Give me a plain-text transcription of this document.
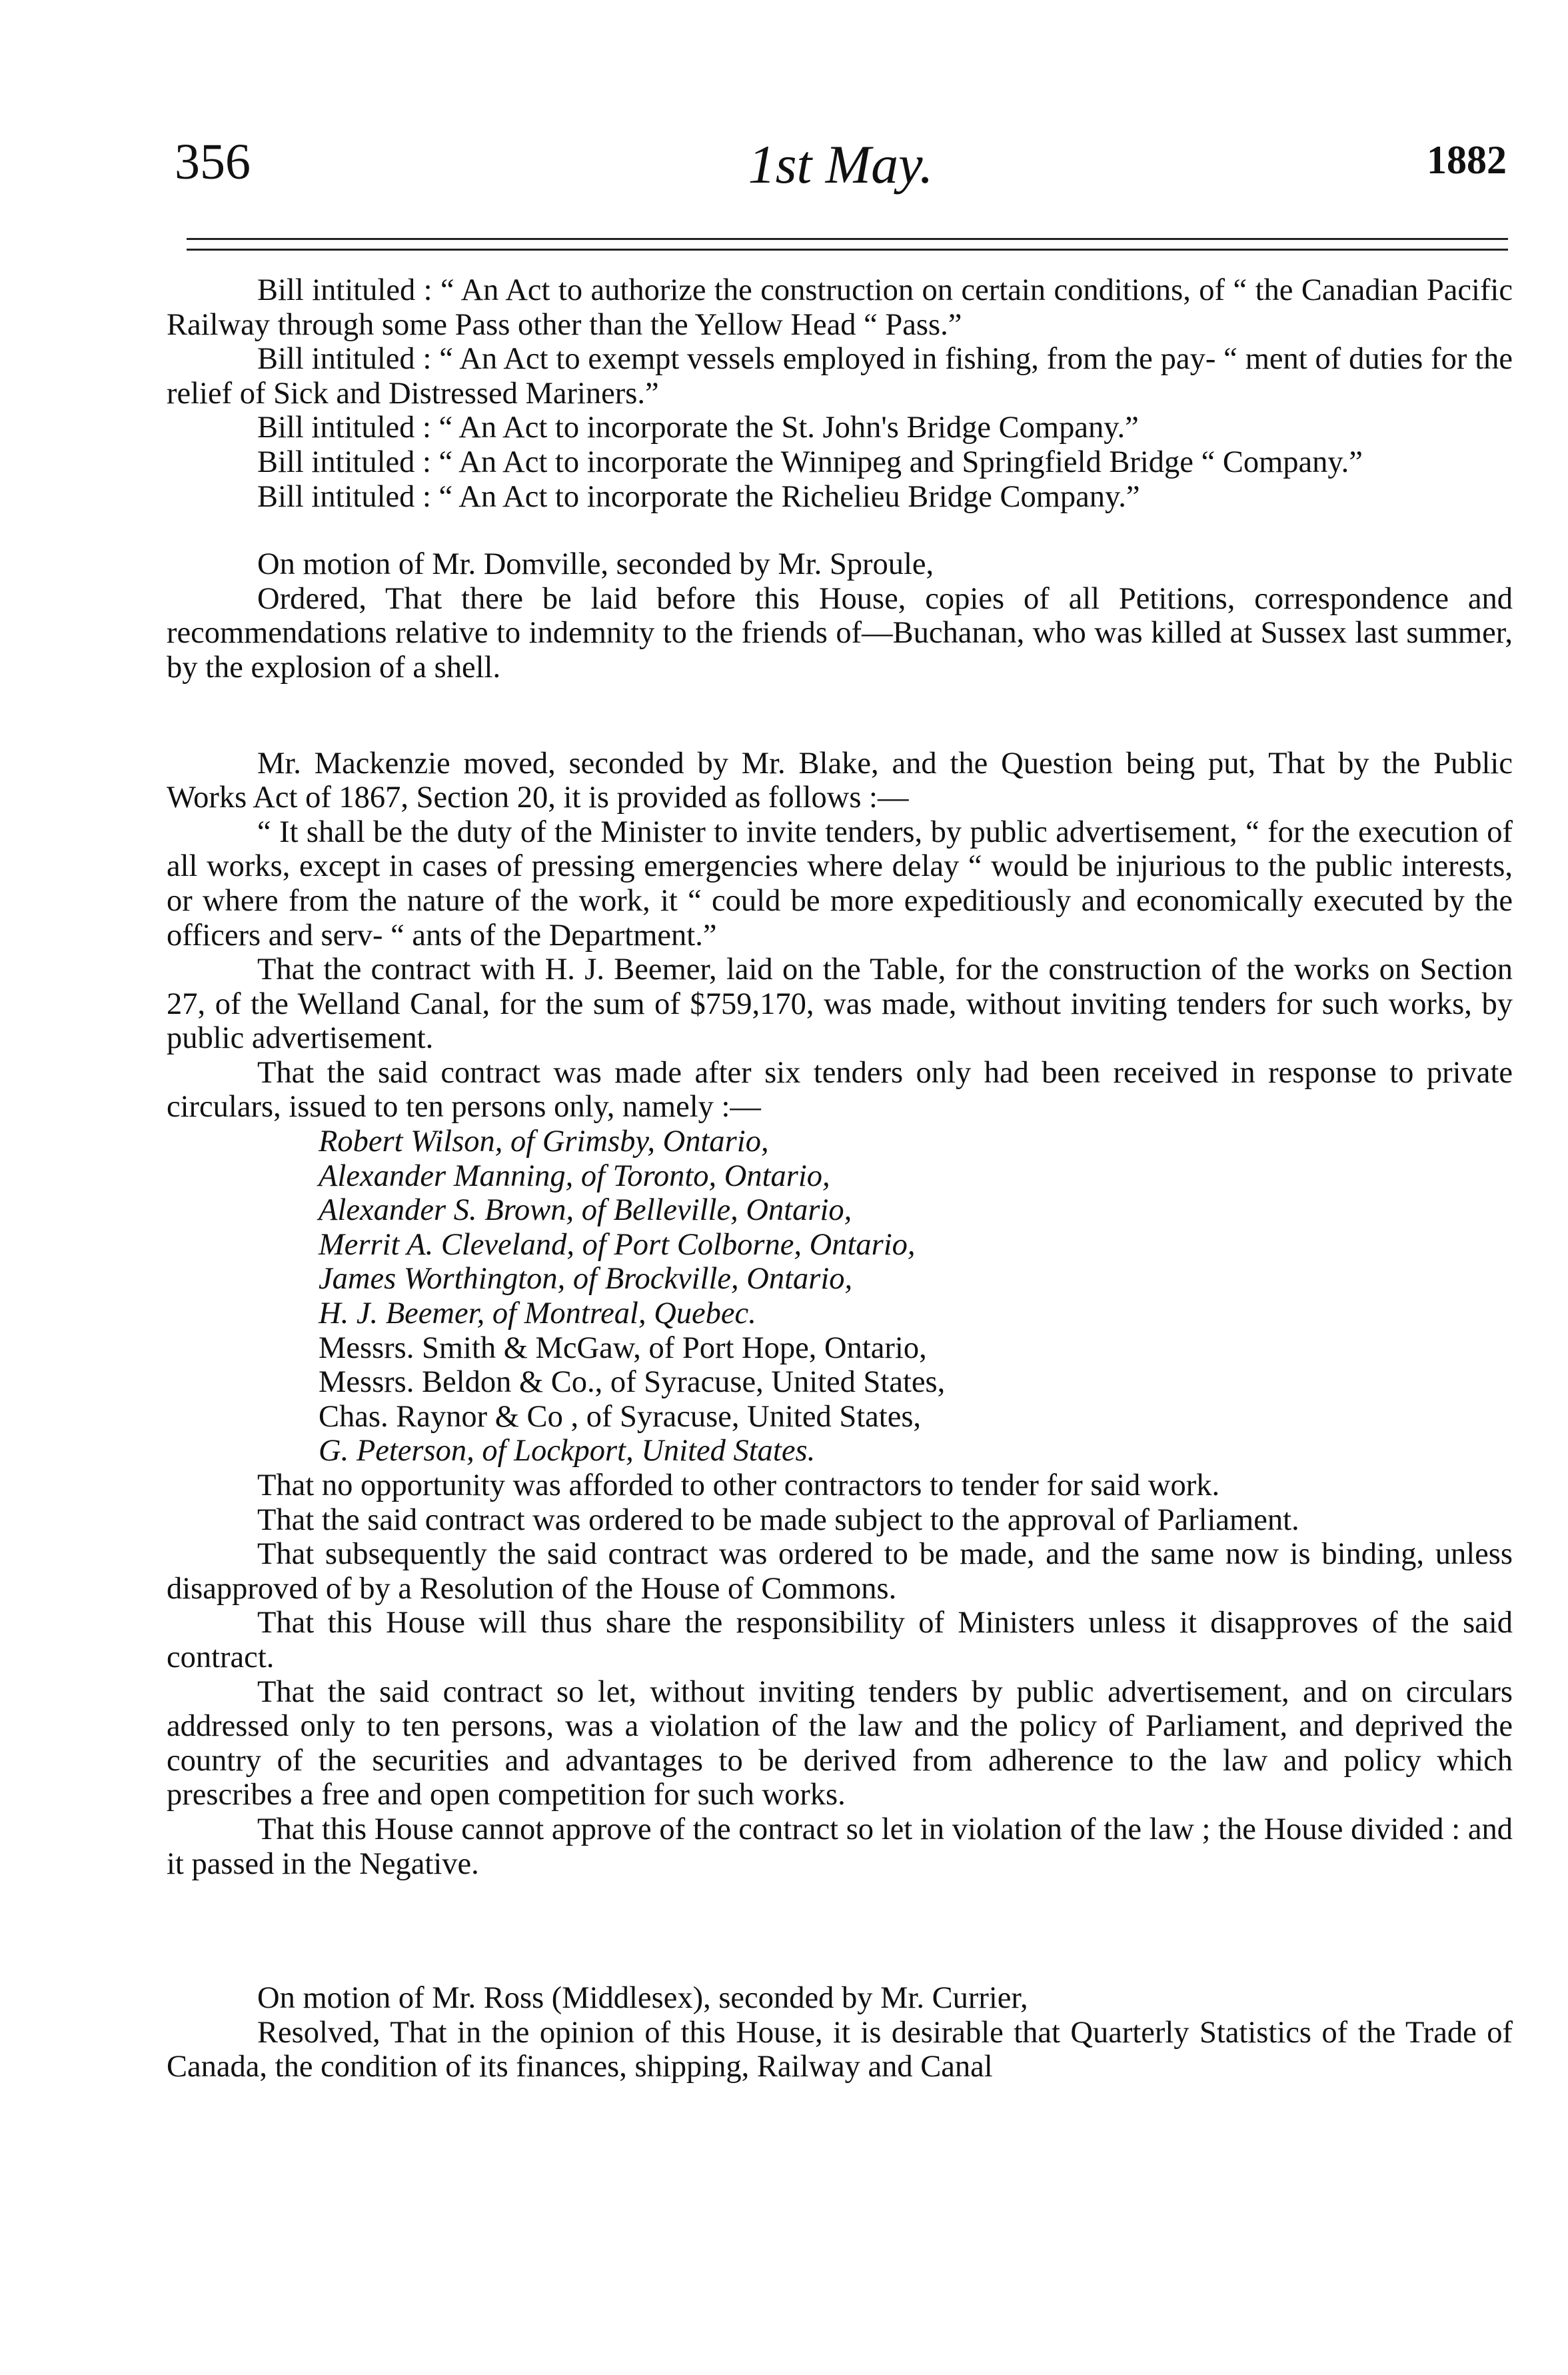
356	1st May.	1882

Bill intituled : “ An Act to authorize the construction on certain conditions, of “ the Canadian Pacific Railway through some Pass other than the Yellow Head “ Pass.”

Bill intituled : “ An Act to exempt vessels employed in fishing, from the pay- “ ment of duties for the relief of Sick and Distressed Mariners.”

Bill intituled : “ An Act to incorporate the St. John's Bridge Company.”

Bill intituled : “ An Act to incorporate the Winnipeg and Springfield Bridge “ Company.”

Bill intituled : “ An Act to incorporate the Richelieu Bridge Company.”

On motion of Mr. Domville, seconded by Mr. Sproule,

Ordered, That there be laid before this House, copies of all Petitions, correspondence and recommendations relative to indemnity to the friends of—Buchanan, who was killed at Sussex last summer, by the explosion of a shell.

Mr. Mackenzie moved, seconded by Mr. Blake, and the Question being put, That by the Public Works Act of 1867, Section 20, it is provided as follows :—

“ It shall be the duty of the Minister to invite tenders, by public advertisement, “ for the execution of all works, except in cases of pressing emergencies where delay “ would be injurious to the public interests, or where from the nature of the work, it “ could be more expeditiously and economically executed by the officers and serv- “ ants of the Department.”

That the contract with H. J. Beemer, laid on the Table, for the construction of the works on Section 27, of the Welland Canal, for the sum of $759,170, was made, without inviting tenders for such works, by public advertisement.

That the said contract was made after six tenders only had been received in response to private circulars, issued to ten persons only, namely :—

Robert Wilson, of Grimsby, Ontario,
Alexander Manning, of Toronto, Ontario,
Alexander S. Brown, of Belleville, Ontario,
Merrit A. Cleveland, of Port Colborne, Ontario,
James Worthington, of Brockville, Ontario,
H. J. Beemer, of Montreal, Quebec.
Messrs. Smith & McGaw, of Port Hope, Ontario,
Messrs. Beldon & Co., of Syracuse, United States,
Chas. Raynor & Co , of Syracuse, United States,
G. Peterson, of Lockport, United States.

That no opportunity was afforded to other contractors to tender for said work.

That the said contract was ordered to be made subject to the approval of Parliament.

That subsequently the said contract was ordered to be made, and the same now is binding, unless disapproved of by a Resolution of the House of Commons.

That this House will thus share the responsibility of Ministers unless it disapproves of the said contract.

That the said contract so let, without inviting tenders by public advertisement, and on circulars addressed only to ten persons, was a violation of the law and the policy of Parliament, and deprived the country of the securities and advantages to be derived from adherence to the law and policy which prescribes a free and open competition for such works.

That this House cannot approve of the contract so let in violation of the law ; the House divided : and it passed in the Negative.

On motion of Mr. Ross (Middlesex), seconded by Mr. Currier,

Resolved, That in the opinion of this House, it is desirable that Quarterly Statistics of the Trade of Canada, the condition of its finances, shipping, Railway and Canal
